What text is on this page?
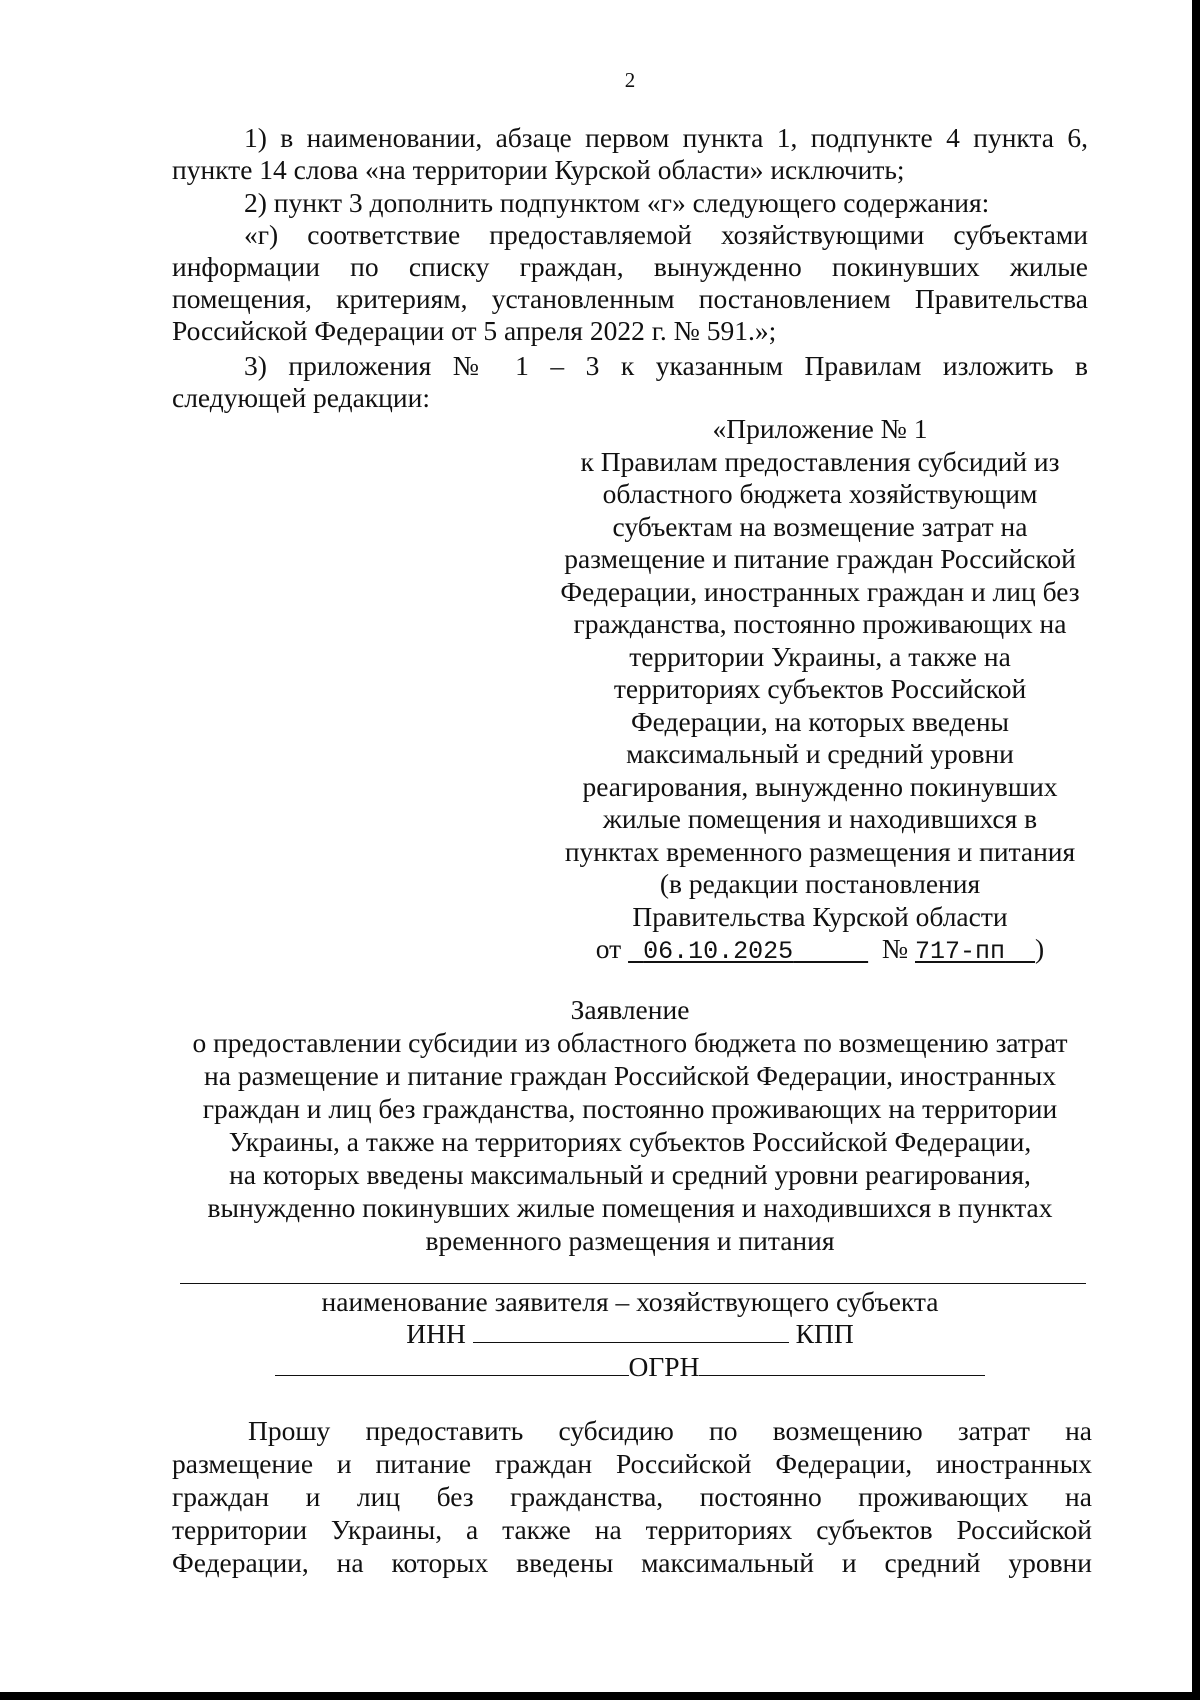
2
1) в наименовании, абзаце первом пункта 1, подпункте 4 пункта 6,
пункте 14 слова «на территории Курской области» исключить;
2) пункт 3 дополнить подпунктом «г» следующего содержания:
«г) соответствие предоставляемой хозяйствующими субъектами
информации по списку граждан, вынужденно покинувших жилые
помещения, критериям, установленным постановлением Правительства
Российской Федерации от 5 апреля 2022 г. № 591.»;
3) приложения № 1 – 3 к указанным Правилам изложить в
следующей редакции:
«Приложение № 1
к Правилам предоставления субсидий из
областного бюджета хозяйствующим
субъектам на возмещение затрат на
размещение и питание граждан Российской
Федерации, иностранных граждан и лиц без
гражданства, постоянно проживающих на
территории Украины, а также на
территориях субъектов Российской
Федерации, на которых введены
максимальный и средний уровни
реагирования, вынужденно покинувших
жилые помещения и находившихся в
пунктах временного размещения и питания
(в редакции постановления
Правительства Курской области
от 06.10.2025	№ 717-пп )
Заявление
о предоставлении субсидии из областного бюджета по возмещению затрат
на размещение и питание граждан Российской Федерации, иностранных
граждан и лиц без гражданства, постоянно проживающих на территории
Украины, а также на территориях субъектов Российской Федерации,
на которых введены максимальный и средний уровни реагирования,
вынужденно покинувших жилые помещения и находившихся в пунктах
временного размещения и питания
наименование заявителя – хозяйствующего субъекта
ИНН	КПП
ОГРН
Прошу предоставить субсидию по возмещению затрат на
размещение и питание граждан Российской Федерации, иностранных
граждан и лиц без гражданства, постоянно проживающих на
территории Украины, а также на территориях субъектов Российской
Федерации, на которых введены максимальный и средний уровни
